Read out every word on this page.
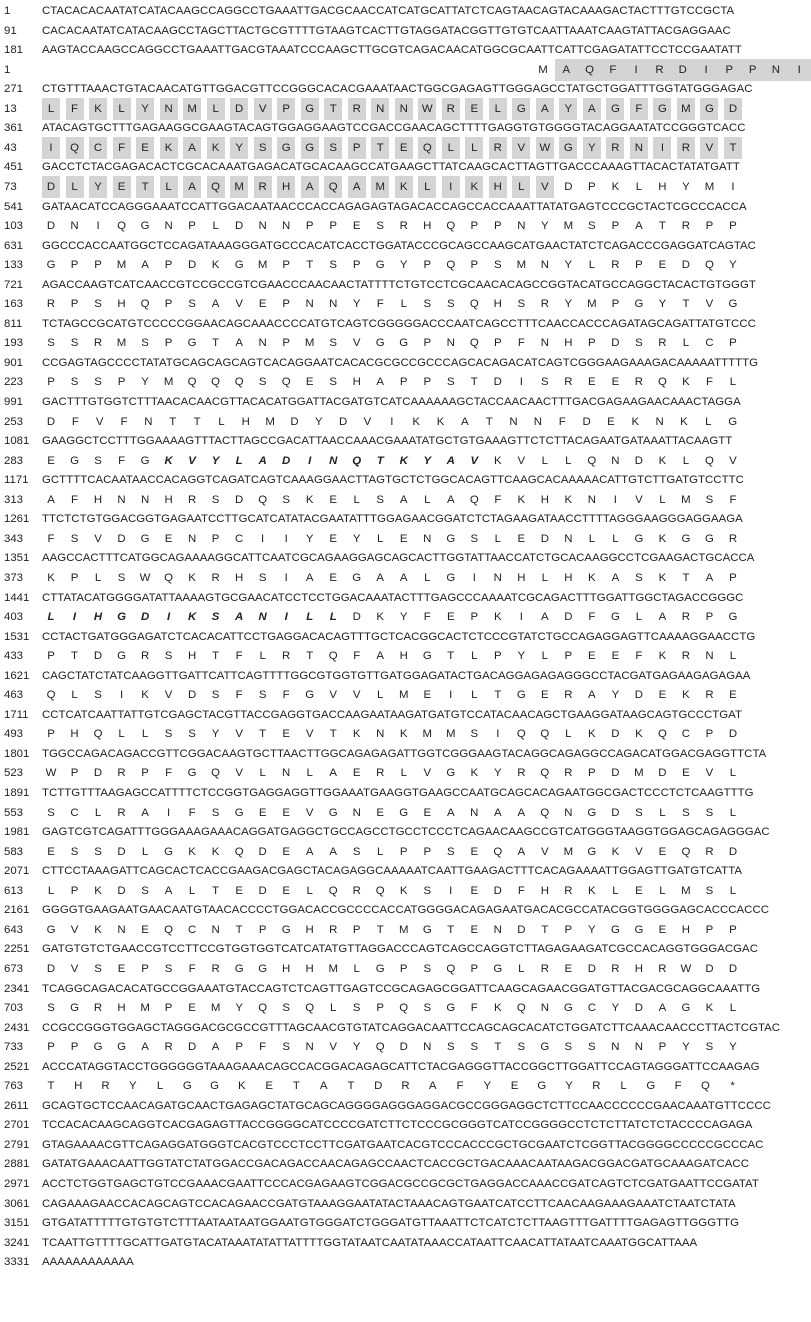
1	CTACACACAATATCATACAAGCCAGGCCTGAAATTGACGCAACCATCATGCATTATCTCAGTAACAGTACAAAGACTACTTTGTCCGCTA
91 CACACAATATCATACAAGCCTAGCTTACTGCGTTTTGTAAGTCACTTGTAGGATACGGTTGTGTCAATTAAATCAAGTATTACGAGGAAC
181 AAGTACCAAGCCAGGCCTGAAATTGACGTAAATCCCAAGCTTGCGTCAGACAACATGGCGCAATTCATTCGAGATATTCCTCCGAATATT
1	M	A	Q	F	I	R	D	I	P	P	N	I
271 CTGTTTAAACTGTACAACATGTTGGACGTTCCGGGCACACGAAATAACTGGCGAGAGTTGGGAGCCTATGCTGGATTTGGTATGGGAGAC
13	L	F	K	L	Y	N	M	L	D	V	P	G	T	R	N	N	W	R	E	L	G	A	Y	A	G	F	G	M	G	D
361 ATACAGTGCTTTGAGAAGGCGAAGTACAGTGGAGGAAGTCCGACCGAACAGCTTTTGAGGTGTGGGGTACAGGAATATCCGGGTCACC
43	I	Q	C	F	E	K	A	K	Y	S	G	G	S	P	T	E	Q	L	L	R	V	W	G	Y	R	N	I	R	V	T
451 GACCTCTACGAGACACTCGCACAAATGAGACATGCACAAGCCATGAAGCTTATCAAGCACTTAGTTGACCCAAAGTTACACTATATGATT
73	D	L	Y	E	T	L	A	Q	M	R	H	A	Q	A	M	K	L	I	K	H	L	V	D	P	K	L	H	Y	M	I
541 GATAACATCCAGGGAAATCCATTGGACAATAACCCACCAGAGAGTAGACACCAGCCACCAAATTATATGAGTCCCGCTACTCGCCCACCA
103	D	N	I	Q	G	N	P	L	D	N	N	P	P	E	S	R	H	Q	P	P	N	Y	M	S	P	A	T	R	P	P
631 GGCCCACCAATGGCTCCAGATAAAGGGATGCCCACATCACCTGGATACCCGCAGCCAAGCATGAACTATCTCAGACCCGAGGATCAGTAC
133	G	P	P	M	A	P	D	K	G	M	P	T	S	P	G	Y	P	Q	P	S	M	N	Y	L	R	P	E	D	Q	Y
721 AGACCAAGTCATCAACCGTCCGCCGTCGAACCCAACAACTATTTTCTGTCCTCGCAACACAGCCGGTACATGCCAGGCTACACTGTGGGT
163	R	P	S	H	Q	P	S	A	V	E	P	N	N	Y	F	L	S	S	Q	H	S	R	Y	M	P	G	Y	T	V	G
811 TCTAGCCGCATGTCCCCCGGAACAGCAAACCCCATGTCAGTCGGGGGACCCAATCAGCCTTTCAACCACCCAGATAGCAGATTATGTCCC
193	S	S	R	M	S	P	G	T	A	N	P	M	S	V	G	G	P	N	Q	P	F	N	H	P	D	S	R	L	C	P
901 CCGAGTAGCCCCTATATGCAGCAGCAGTCACAGGAATCACACGCGCCGCCCAGCACAGACATCAGTCGGGAAGAAAGACAAAAATTTTTG
223	P	S	S	P	Y	M	Q	Q	Q	S	Q	E	S	H	A	P	P	S	T	D	I	S	R	E	E	R	Q	K	F	L
991 GACTTTGTGGTCTTTAACACAACGTTACACATGGATTACGATGTCATCAAAAAAGCTACCAACAACTTTGACGAGAAGAACAAACTAGGA
253	D	F	V	F	N	T	T	L	H	M	D	Y	D	V	I	K	K	A	T	N	N	F	D	E	K	N	K	L	G
1081 GAAGGCTCCTTTGGAAAAGTTTACTTAGCCGACATTAACCAAACGAAATATGCTGTGAAAGTTCTCTTACAGAATGATAAATTACAAGTT
283	E	G	S	F	G	K	V	Y	L	A	D	I	N	Q	T	K	Y	A	V	K	V	L	L	Q	N	D	K	L	Q	V
1171 GCTTTTCACAATAACCACAGGTCAGATCAGTCAAAGGAACTTAGTGCTCTGGCACAGTTCAAGCACAAAAACATTGTCTTGATGTCCTTC
313	A	F	H	N	N	H	R	S	D	Q	S	K	E	L	S	A	L	A	Q	F	K	H	K	N	I	V	L	M	S	F
1261 TTCTCTGTGGACGGTGAGAATCCTTGCATCATATACGAATATTTGGAGAACGGATCTCTAGAAGATAACCTTTTAGGGAAGGGAGGAAGA
343	F	S	V	D	G	E	N	P	C	I	I	Y	E	Y	L	E	N	G	S	L	E	D	N	L	L	G	K	G	G	R
1351 AAGCCACTTTCATGGCAGAAAAGGCATTCAATCGCAGAAGGAGCAGCACTTGGTATTAACCATCTGCACAAGGCCTCGAAGACTGCACCA
373	K	P	L	S	W	Q	K	R	H	S	I	A	E	G	A	A	L	G	I	N	H	L	H	K	A	S	K	T	A	P
1441 CTTATACATGGGGATATTAAAAGTGCGAACATCCTCCTGGACAAATACTTTGAGCCCAAAATCGCAGACTTTGGATTGGCTAGACCGGGC
403	L	I	H	G	D	I	K	S	A	N	I	L	L	D	K	Y	F	E	P	K	I	A	D	F	G	L	A	R	P	G
1531 CCTACTGATGGGAGATCTCACACATTCCTGAGGACACAGTTTGCTCACGGCACTCTCCCGTATCTGCCAGAGGAGTTCAAAAGGAACCTG
433	P	T	D	G	R	S	H	T	F	L	R	T	Q	F	A	H	G	T	L	P	Y	L	P	E	E	F	K	R	N	L
1621 CAGCTATCTATCAAGGTTGATTCATTCAGTTTTGGCGTGGTGTTGATGGAGATACTGACAGGAGAGAGGGCCTACGATGAGAAGAGAGAA
463	Q	L	S	I	K	V	D	S	F	S	F	G	V	V	L	M	E	I	L	T	G	E	R	A	Y	D	E	K	R	E
1711 CCTCATCAATTATTGTCGAGCTACGTTACCGAGGTGACCAAGAATAAGATGATGTCCATACAACAGCTGAAGGATAAGCAGTGCCCTGAT
493	P	H	Q	L	L	S	S	Y	V	T	E	V	T	K	N	K	M	M	S	I	Q	Q	L	K	D	K	Q	C	P	D
1801 TGGCCAGACAGACCGTTCGGACAAGTGCTTAACTTGGCAGAGAGATTGGTCGGGAAGTACAGGCAGAGGCCAGACATGGACGAGGTTCTA
523	W	P	D	R	P	F	G	Q	V	L	N	L	A	E	R	L	V	G	K	Y	R	Q	R	P	D	M	D	E	V	L
1891 TCTTGTTTAAGAGCCATTTTCTCCGGTGAGGAGGTTGGAAATGAAGGTGAAGCCAATGCAGCACAGAATGGCGACTCCCTCTCAAGTTTG
553	S	C	L	R	A	I	F	S	G	E	E	V	G	N	E	G	E	A	N	A	A	Q	N	G	D	S	L	S	S	L
1981 GAGTCGTCAGATTTGGGAAAGAAACAGGATGAGGCTGCCAGCCTGCCTCCCTCAGAACAAGCCGTCATGGGTAAGGTGGAGCAGAGGGAC
583	E	S	S	D	L	G	K	K	Q	D	E	A	A	S	L	P	P	S	E	Q	A	V	M	G	K	V	E	Q	R	D
2071 CTTCCTAAAGATTCAGCACTCACCGAAGACGAGCTACAGAGGCAAAAATCAATTGAAGACTTTCACAGAAAATTGGAGTTGATGTCATTA
613	L	P	K	D	S	A	L	T	E	D	E	L	Q	R	Q	K	S	I	E	D	F	H	R	K	L	E	L	M	S	L
2161 GGGGTGAAGAATGAACAATGTAACACCCCTGGACACCGCCCCACCATGGGGACAGAGAATGACACGCCATACGGTGGGGAGCACCCACCC
643	G	V	K	N	E	Q	C	N	T	P	G	H	R	P	T	M	G	T	E	N	D	T	P	Y	G	G	E	H	P	P
2251 GATGTGTCTGAACCGTCCTTCCGTGGTGGTCATCATATGTTAGGACCCAGTCAGCCAGGTCTTAGAGAAGATCGCCACAGGTGGGACGAC
673	D	V	S	E	P	S	F	R	G	G	H	H	M	L	G	P	S	Q	P	G	L	R	E	D	R	H	R	W	D	D
2341 TCAGGCAGACACATGCCGGAAATGTACCAGTCTCAGTTGAGTCCGCAGAGCGGATTCAAGCAGAACGGATGTTACGACGCAGGCAAATTG
703	S	G	R	H	M	P	E	M	Y	Q	S	Q	L	S	P	Q	S	G	F	K	Q	N	G	C	Y	D	A	G	K	L
2431 CCGCCGGGTGGAGCTAGGGACGCGCCGTTTAGCAACGTGTATCAGGACAATTCCAGCAGCACATCTGGATCTTCAAACAACCCTTACTCGTAC
733	P	P	G	G	A	R	D	A	P	F	S	N	V	Y	Q	D	N	S	S	T	S	G	S	S	N	N	P	Y	S	Y
2521 ACCCATAGGTACCTGGGGGGTAAAGAAACAGCCACGGACAGAGCATTCTACGAGGGTTACCGGCTTGGATTCCAGTAGGGATTCCAAGAG
763	T	H	R	Y	L	G	G	K	E	T	A	T	D	R	A	F	Y	E	G	Y	R	L	G	F	Q	*
2611 GCAGTGCTCCAACAGATGCAACTGAGAGCTATGCAGCAGGGGAGGGAGGACGCCGGGAGGCTCTTCCAACCCCCCGAACAAATGTTCCCC
2701 TCCACACAAGCAGGTCACGAGAGTTACCGGGGCATCCCCGATCTTCTCCCGCGGGTCATCCGGGGCCTCTCTTATCTCTACCCCAGAGA
2791 GTAGAAAACGTTCAGAGGATGGGTCACGTCCCTCCTTCGATGAATCACGTCCCACCCGCTGCGAATCTCGGTTACGGGGCCCCCGCCCAC
2881 GATATGAAACAATTGGTATCTATGGACCGACAGACCAACAGAGCCAACTCACCGCTGACAAACAATAAGACGGACGATGCAAAGATCACC
2971 ACCTCTGGTGAGCTGTCCGAAACGAATTCCCACGAGAAGTCGGACGCCGCGCTGAGGACCAAACCGATCAGTCTCGATGAATTCCGATAT
3061 CAGAAAGAACCACAGCAGTCCACAGAACCGATGTAAAGGAATATACTAAACAGTGAATCATCCTTCAACAAGAAAGAAATCTAATCTATA
3151 GTGATATTTTTGTGTGTCTTTAATAATAATGGAATGTGGGATCTGGGATGTTAAATTCTCATCTCTTAAGTTTGATTTTGAGAGTTGGGTTG
3241 TCAATTGTTTTGCATTGATGTACATAAATATATTATTTTGGTATAATCAATATAAACCATAATTCAACATTATAATCAAATGGCATTAAA
3331 AAAAAAAAAAAA
